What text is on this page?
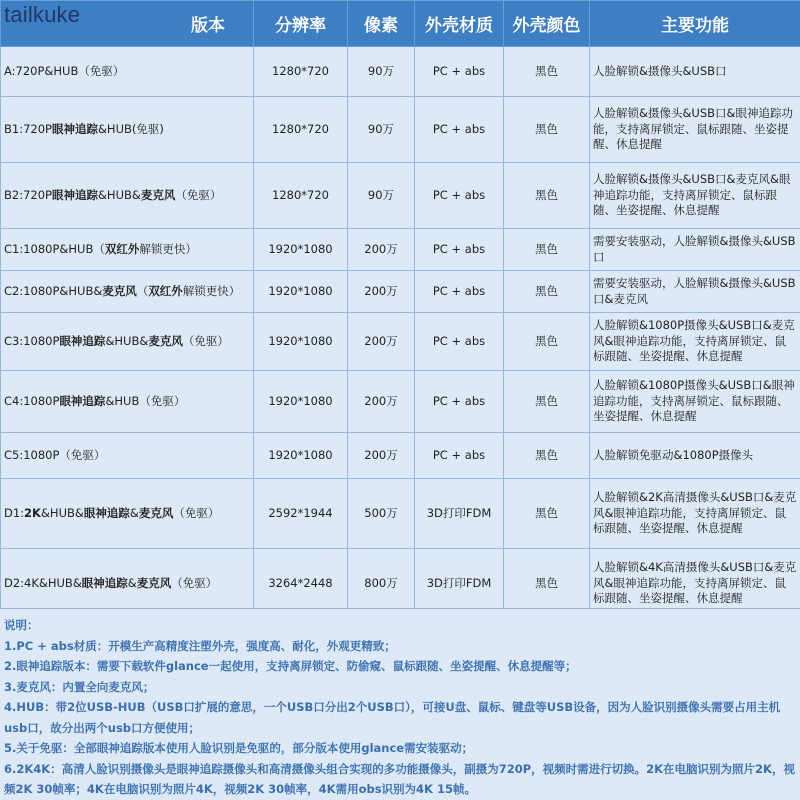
tailkuke	版本	分辨率	像素	外壳材质	外壳颜色	主要功能
A:720P&HUB（免驱）	1280*720	90万	PC + abs	黑色	人脸解锁&摄像头&USB口
B1:720P眼神追踪&HUB(免驱)	1280*720	90万	PC + abs	黑色	人脸解锁&摄像头&USB口&眼神追踪功能，支持离屏锁定、鼠标跟随、坐姿提醒、休息提醒
B2:720P眼神追踪&HUB&麦克风（免驱）	1280*720	90万	PC + abs	黑色	人脸解锁&摄像头&USB口&麦克风&眼神追踪功能，支持离屏锁定、鼠标跟随、坐姿提醒、休息提醒
C1:1080P&HUB（双红外解锁更快）	1920*1080	200万	PC + abs	黑色	需要安装驱动，人脸解锁&摄像头&USB口
C2:1080P&HUB&麦克风（双红外解锁更快）	1920*1080	200万	PC + abs	黑色	需要安装驱动，人脸解锁&摄像头&USB口&麦克风
C3:1080P眼神追踪&HUB&麦克风（免驱）	1920*1080	200万	PC + abs	黑色	人脸解锁&1080P摄像头&USB口&麦克风&眼神追踪功能，支持离屏锁定、鼠标跟随、坐姿提醒、休息提醒
C4:1080P眼神追踪&HUB（免驱）	1920*1080	200万	PC + abs	黑色	人脸解锁&1080P摄像头&USB口&眼神追踪功能，支持离屏锁定、鼠标跟随、坐姿提醒、休息提醒
C5:1080P（免驱）	1920*1080	200万	PC + abs	黑色	人脸解锁免驱动&1080P摄像头
D1:2K&HUB&眼神追踪&麦克风（免驱）	2592*1944	500万	3D打印FDM	黑色	人脸解锁&2K高清摄像头&USB口&麦克风&眼神追踪功能，支持离屏锁定、鼠标跟随、坐姿提醒、休息提醒
D2:4K&HUB&眼神追踪&麦克风（免驱）	3264*2448	800万	3D打印FDM	黑色	人脸解锁&4K高清摄像头&USB口&麦克风&眼神追踪功能，支持离屏锁定、鼠标跟随、坐姿提醒、休息提醒

说明：

1.PC + abs材质：开模生产高精度注塑外壳，强度高、耐化，外观更精致；

2.眼神追踪版本：需要下载软件glance一起使用，支持离屏锁定、防偷窥、鼠标跟随、坐姿提醒、休息提醒等；

3.麦克风：内置全向麦克风；

4.HUB：带2位USB-HUB（USB口扩展的意思，一个USB口分出2个USB口），可接U盘、鼠标、键盘等USB设备，因为人脸识别摄像头需要占用主机usb口，故分出两个usb口方便使用；

5.关于免驱：全部眼神追踪版本使用人脸识别是免驱的，部分版本使用glance需安装驱动；

6.2K4K：高清人脸识别摄像头是眼神追踪摄像头和高清摄像头组合实现的多功能摄像头，副摄为720P，视频时需进行切换。2K在电脑识别为照片2K，视频2K 30帧率；4K在电脑识别为照片4K，视频2K 30帧率，4K需用obs识别为4K 15帧。
